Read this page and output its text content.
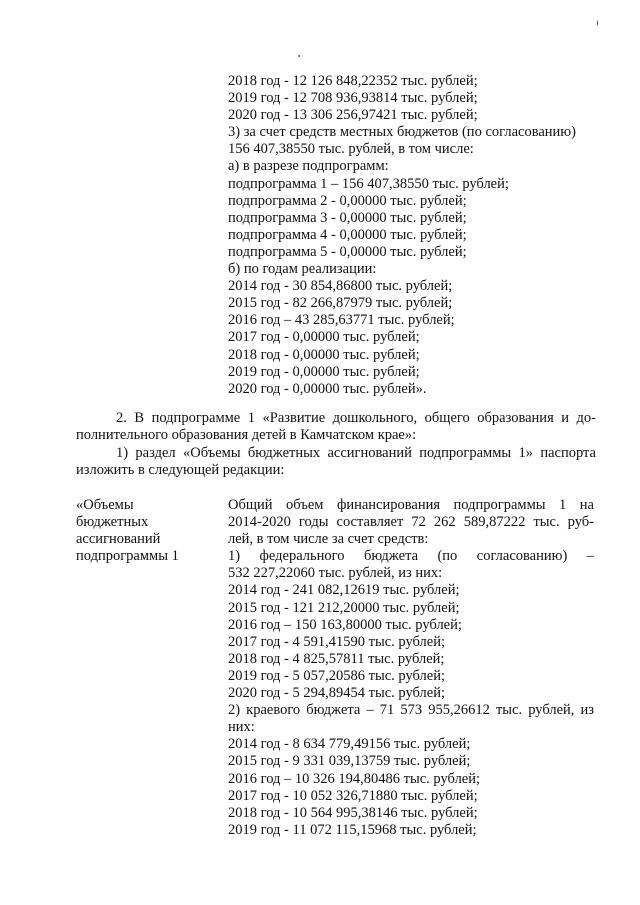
2018 год - 12 126 848,22352 тыс. рублей;
2019 год - 12 708 936,93814 тыс. рублей;
2020 год - 13 306 256,97421 тыс. рублей;
3) за счет средств местных бюджетов (по согласованию)
156 407,38550 тыс. рублей, в том числе:
а) в разрезе подпрограмм:
подпрограмма 1 – 156 407,38550 тыс. рублей;
подпрограмма 2 - 0,00000 тыс. рублей;
подпрограмма 3 - 0,00000 тыс. рублей;
подпрограмма 4 - 0,00000 тыс. рублей;
подпрограмма 5 - 0,00000 тыс. рублей;
б) по годам реализации:
2014 год - 30 854,86800 тыс. рублей;
2015 год - 82 266,87979 тыс. рублей;
2016 год – 43 285,63771 тыс. рублей;
2017 год - 0,00000 тыс. рублей;
2018 год - 0,00000 тыс. рублей;
2019 год - 0,00000 тыс. рублей;
2020 год - 0,00000 тыс. рублей».
2. В подпрограмме 1 «Развитие дошкольного, общего образования и до-
полнительного образования детей в Камчатском крае»:
1) раздел «Объемы бюджетных ассигнований подпрограммы 1» паспорта
изложить в следующей редакции:
«Объемы
бюджетных
ассигнований
подпрограммы 1
Общий объем финансирования подпрограммы 1 на
2014-2020 годы составляет 72 262 589,87222 тыс. руб-
лей, в том числе за счет средств:
1) федерального бюджета (по согласованию) –
532 227,22060 тыс. рублей, из них:
2014 год - 241 082,12619 тыс. рублей;
2015 год - 121 212,20000 тыс. рублей;
2016 год – 150 163,80000 тыс. рублей;
2017 год - 4 591,41590 тыс. рублей;
2018 год - 4 825,57811 тыс. рублей;
2019 год - 5 057,20586 тыс. рублей;
2020 год - 5 294,89454 тыс. рублей;
2) краевого бюджета – 71 573 955,26612 тыс. рублей, из
них:
2014 год - 8 634 779,49156 тыс. рублей;
2015 год - 9 331 039,13759 тыс. рублей;
2016 год – 10 326 194,80486 тыс. рублей;
2017 год - 10 052 326,71880 тыс. рублей;
2018 год - 10 564 995,38146 тыс. рублей;
2019 год - 11 072 115,15968 тыс. рублей;
